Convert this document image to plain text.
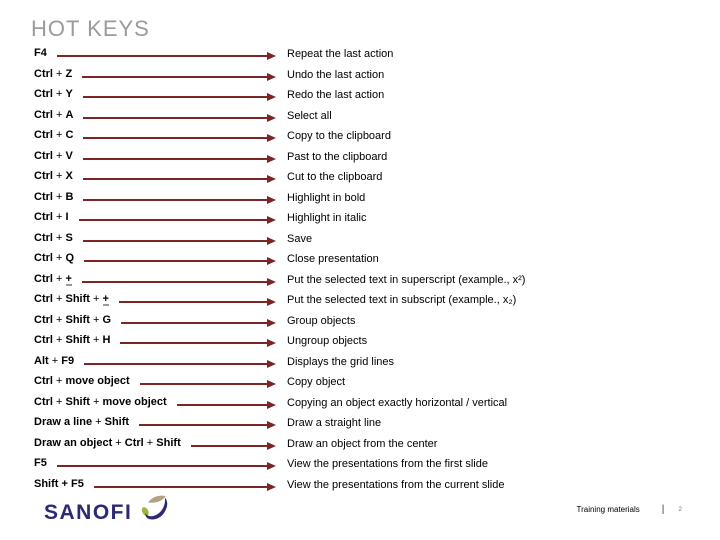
HOT KEYS
F4	Repeat the last action
Ctrl + Z	Undo the last action
Ctrl + Y	Redo the last action
Ctrl + A	Select all
Ctrl + C	Copy to the clipboard
Ctrl + V	Past to the clipboard
Ctrl + X	Cut to the clipboard
Ctrl + B	Highlight in bold
Ctrl + I	Highlight in italic
Ctrl + S	Save
Ctrl + Q	Close presentation
Ctrl + +	Put the selected text in superscript (example., x²)
Ctrl + Shift + +	Put the selected text in subscript (example., x₂)
Ctrl + Shift + G	Group objects
Ctrl + Shift + H	Ungroup objects
Alt + F9	Displays the grid lines
Ctrl + move object	Copy object
Ctrl + Shift + move object	Copying an object exactly horizontal / vertical
Draw a line + Shift	Draw a straight line
Draw an object + Ctrl + Shift	Draw an object from the center
F5	View the presentations from the first slide
Shift + F5	View the presentations from the current slide
SANOFI	Training materials | 2
